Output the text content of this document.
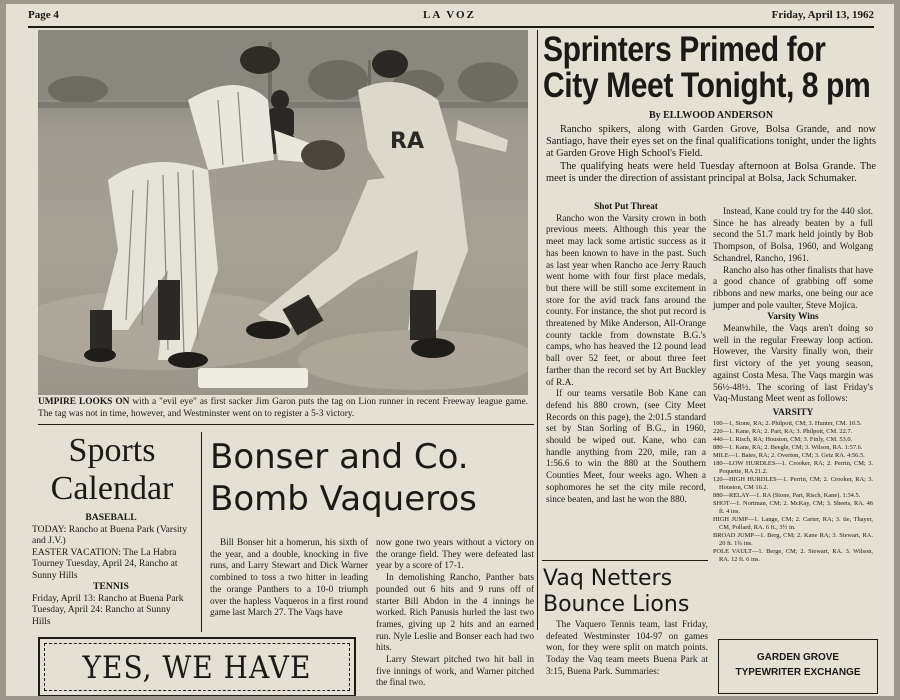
Page 4	LA VOZ	Friday, April 13, 1962
RA
UMPIRE LOOKS ON with a "evil eye" as first sacker Jim Garon puts the tag on Lion runner in recent Freeway league game. The tag was not in time, however, and Westminster went on to register a 5-3 victory.
Sprinters Primed for
City Meet Tonight, 8 pm
By ELLWOOD ANDERSON

Rancho spikers, along with Garden Grove, Bolsa Grande, and now Santiago, have their eyes set on the final qualifications tonight, under the lights at Garden Grove High School's Field.

The qualifying heats were held Tuesday afternoon at Bolsa Grande. The meet is under the direction of assistant principal at Bolsa, Jack Schumaker.

Shot Put Threat

Rancho won the Varsity crown in both previous meets. Although this year the meet may lack some artistic success as it has been known to have in the past. Such as last year when Rancho ace Jerry Rauch went home with four first place medals, but there will be still some excitement in store for the avid track fans around the county. For instance, the shot put record is threatened by Mike Anderson, All-Orange county tackle from downstate B.G.'s camps, who has heaved the 12 pound lead ball over 52 feet, or about three feet farther than the record set by Art Buckley of R.A.

If our teams versatile Bob Kane can defend his 880 crown, (see City Meet Records on this page), the 2:01.5 standard set by Stan Sorling of B.G., in 1960, should be wiped out. Kane, who can handle anything from 220, mile, ran a 1:56.6 to win the 880 at the Southern Counties Meet, four weeks ago. When a sophomores he set the city mile record, since beaten, and last he won the 880.

Instead, Kane could try for the 440 slot. Since he has already beaten by a full second the 51.7 mark held jointly by Bob Thompson, of Bolsa, 1960, and Wolgang Schandrel, Rancho, 1961.

Rancho also has other finalists that have a good chance of grabbing off some ribbons and new marks, one being our ace jumper and pole vaulter, Steve Mojica.

Varsity Wins

Meanwhile, the Vaqs aren't doing so well in the regular Freeway loop action. However, the Varsity finally won, their first victory of the yet young season, against Costa Mesa. The Vaqs margin was 56½-48½. The scoring of last Friday's Vaq-Mustang Meet went as follows:

VARSITY

100—1, Stone, RA; 2. Philpott, CM; 3. Hunter, CM. 10.5.

220—1. Kane, RA; 2. Part, RA; 3. Philpott, CM. 22.7.

440—1. Risch, RA; Houston, CM; 3. Finly, CM. 53.0.

880—1. Kane, RA; 2. Beegle, CM; 3. Wilson, RA. 1:57.6.

MILE—1. Bates, RA; 2. Overton, CM; 3. Getz RA. 4:56.5.

180—LOW HURDLES—1. Crooker, RA; 2. Perrin, CM; 3. Poquette, RA 21.2.

120—HIGH HURDLES—1. Perrin, CM; 2. Crooker, RA; 3. Houston, CM 16.2.

880—RELAY—1. RA (Stone, Part, Risch, Kane). 1:34.5.

SHOT—1. Nortman, CM; 2. McKay, CM; 3. Sheets, RA. 46 ft. 4 ins.

HIGH JUMP—1. Lange, CM; 2. Carter, RA; 3. tie, Thayer, CM, Pollard, RA. 6 ft., 3½ in.

BROAD JUMP—1. Berg, CM; 2. Kane RA; 3. Stewart, RA. 20 ft. 1¾ ins.

POLE VAULT—1. Berge, CM; 2. Stewart, RA. 3. Wilson, RA. 12 ft. 6 ins.

Sports
Calendar

BASEBALL

TODAY: Rancho at Buena Park (Varsity and J.V.)

EASTER VACATION: The La Habra Tourney Tuesday, April 24, Rancho at Sunny Hills

TENNIS

Friday, April 13: Rancho at Buena Park

Tuesday, April 24: Rancho at Sunny Hills

Bonser and Co.
Bomb Vaqueros

Bill Bonser hit a homerun, his sixth of the year, and a double, knocking in five runs, and Larry Stewart and Dick Warner combined to toss a two hitter in leading the orange Panthers to a 10-0 triumph over the hapless Vaqueros in a first round game last March 27. The Vaqs have

now gone two years without a victory on the orange field. They were defeated last year by a score of 17-1.

In demolishing Rancho, Panther bats pounded out 6 hits and 9 runs off of starter Bill Abdon in the 4 innings he worked. Rich Panusis hurled the last two frames, giving up 2 hits and an earned run. Nyle Leslie and Bonser each had two hits.

Larry Stewart pitched two hit ball in five innings of work, and Warner pitched the final two.

YES, WE HAVE
Vaq Netters
Bounce Lions

The Vaquero Tennis team, last Friday, defeated Westminster 104-97 on games won, for they were split on match points. Today the Vaq team meets Buena Park at 3:15, Buena Park. Summaries:

GARDEN GROVE
TYPEWRITER EXCHANGE
